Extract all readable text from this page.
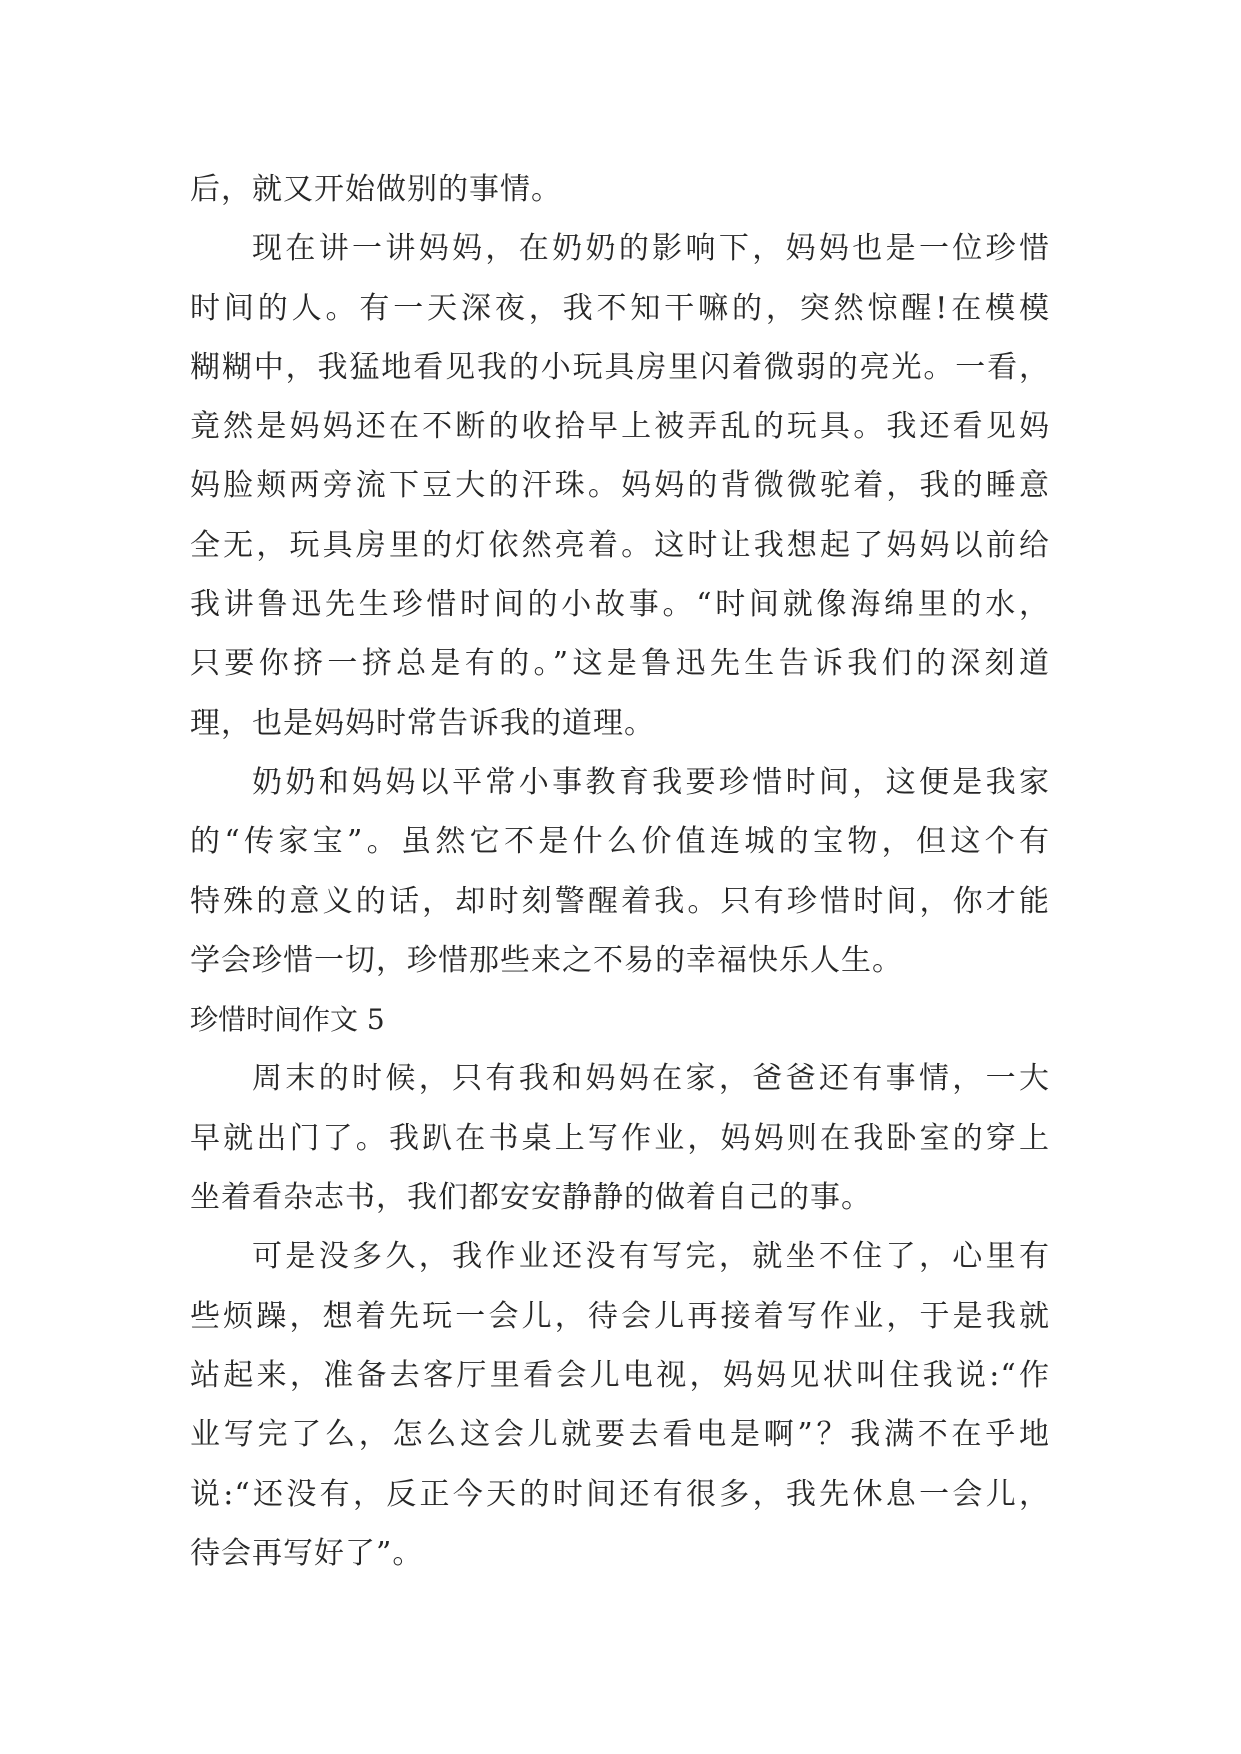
后，就又开始做别的事情。
现在讲一讲妈妈，在奶奶的影响下，妈妈也是一位珍惜
时间的人。有一天深夜，我不知干嘛的，突然惊醒!在模模
糊糊中，我猛地看见我的小玩具房里闪着微弱的亮光。一看，
竟然是妈妈还在不断的收拾早上被弄乱的玩具。我还看见妈
妈脸颊两旁流下豆大的汗珠。妈妈的背微微驼着，我的睡意
全无，玩具房里的灯依然亮着。这时让我想起了妈妈以前给
我讲鲁迅先生珍惜时间的小故事。“时间就像海绵里的水，
只要你挤一挤总是有的。”这是鲁迅先生告诉我们的深刻道
理，也是妈妈时常告诉我的道理。
奶奶和妈妈以平常小事教育我要珍惜时间，这便是我家
的“传家宝”。虽然它不是什么价值连城的宝物，但这个有
特殊的意义的话，却时刻警醒着我。只有珍惜时间，你才能
学会珍惜一切，珍惜那些来之不易的幸福快乐人生。
珍惜时间作文 5
周末的时候，只有我和妈妈在家，爸爸还有事情，一大
早就出门了。我趴在书桌上写作业，妈妈则在我卧室的穿上
坐着看杂志书，我们都安安静静的做着自己的事。
可是没多久，我作业还没有写完，就坐不住了，心里有
些烦躁，想着先玩一会儿，待会儿再接着写作业，于是我就
站起来，准备去客厅里看会儿电视，妈妈见状叫住我说:“作
业写完了么，怎么这会儿就要去看电是啊”？我满不在乎地
说:“还没有，反正今天的时间还有很多，我先休息一会儿，
待会再写好了”。
